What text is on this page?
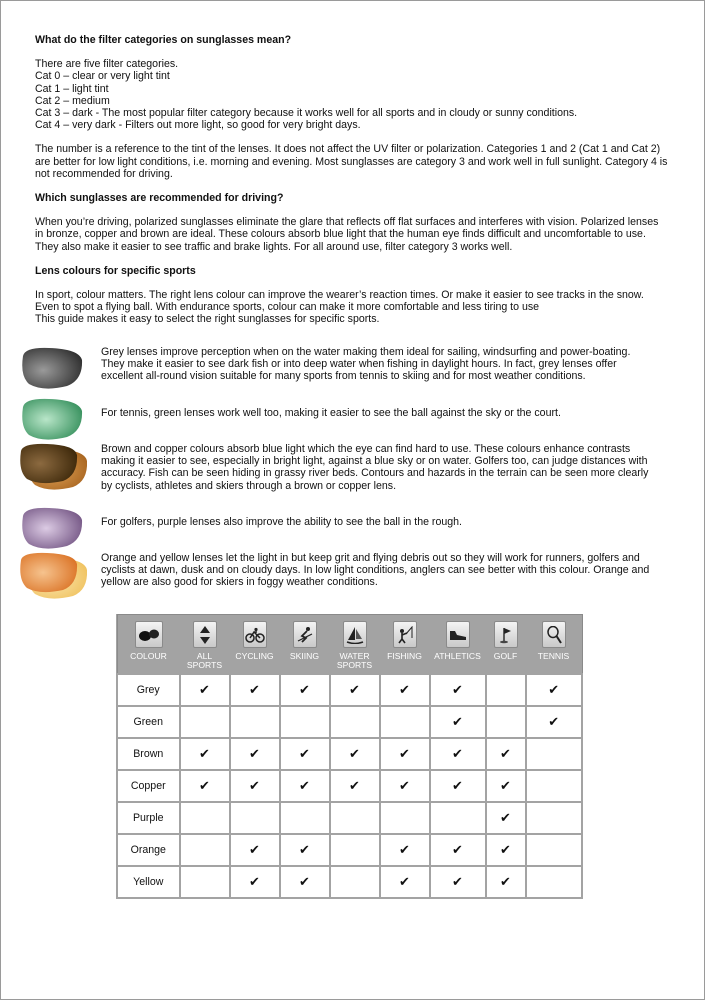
What do the filter categories on sunglasses mean?
There are five filter categories.
Cat 0 – clear or very light tint
Cat 1 – light tint
Cat 2 – medium
Cat 3 – dark - The most popular filter category because it works well for all sports and in cloudy or sunny conditions.
Cat 4 – very dark - Filters out more light, so good for very bright days.
The number is a reference to the tint of the lenses. It does not affect the UV filter or polarization. Categories 1 and 2 (Cat 1 and Cat 2)
are better for low light conditions, i.e. morning and evening. Most sunglasses are category 3 and work well in full sunlight. Category 4 is
not recommended for driving.
Which sunglasses are recommended for driving?
When you’re driving, polarized sunglasses eliminate the glare that reflects off flat surfaces and interferes with vision. Polarized lenses
in bronze, copper and brown are ideal. These colours absorb blue light that the human eye finds difficult and uncomfortable to use.
They also make it easier to see traffic and brake lights. For all around use, filter category 3 works well.
Lens colours for specific sports
In sport, colour matters. The right lens colour can improve the wearer’s reaction times. Or make it easier to see tracks in the snow.
Even to spot a flying ball. With endurance sports, colour can make it more comfortable and less tiring to use
This guide makes it easy to select the right sunglasses for specific sports.
Grey lenses improve perception when on the water making them ideal for sailing, windsurfing and power-boating.
They make it easier to see dark fish or into deep water when fishing in daylight hours. In fact, grey lenses offer
excellent all-round vision suitable for many sports from tennis to skiing and for most weather conditions.
For tennis, green lenses work well too, making it easier to see the ball against the sky or the court.
Brown and copper colours absorb blue light which the eye can find hard to use. These colours enhance contrasts
making it easier to see, especially in bright light, against a blue sky or on water. Golfers too, can judge distances with
accuracy. Fish can be seen hiding in grassy river beds. Contours and hazards in the terrain can be seen more clearly
by cyclists, athletes and skiers through a brown or copper lens.
For golfers, purple lenses also improve the ability to see the ball in the rough.
Orange and yellow lenses let the light in but keep grit and flying debris out so they will work for runners, golfers and
cyclists at dawn, dusk and on cloudy days. In low light conditions, anglers can see better with this colour. Orange and
yellow are also good for skiers in foggy weather conditions.
COLOUR	ALL SPORTS	CYCLING	SKIING	WATER SPORTS	FISHING	ATHLETICS	GOLF	TENNIS

Grey	✔	✔	✔	✔	✔	✔		✔
Green						✔		✔
Brown	✔	✔	✔	✔	✔	✔	✔	
Copper	✔	✔	✔	✔	✔	✔	✔	
Purple							✔	
Orange		✔	✔		✔	✔	✔	
Yellow		✔	✔		✔	✔	✔	
